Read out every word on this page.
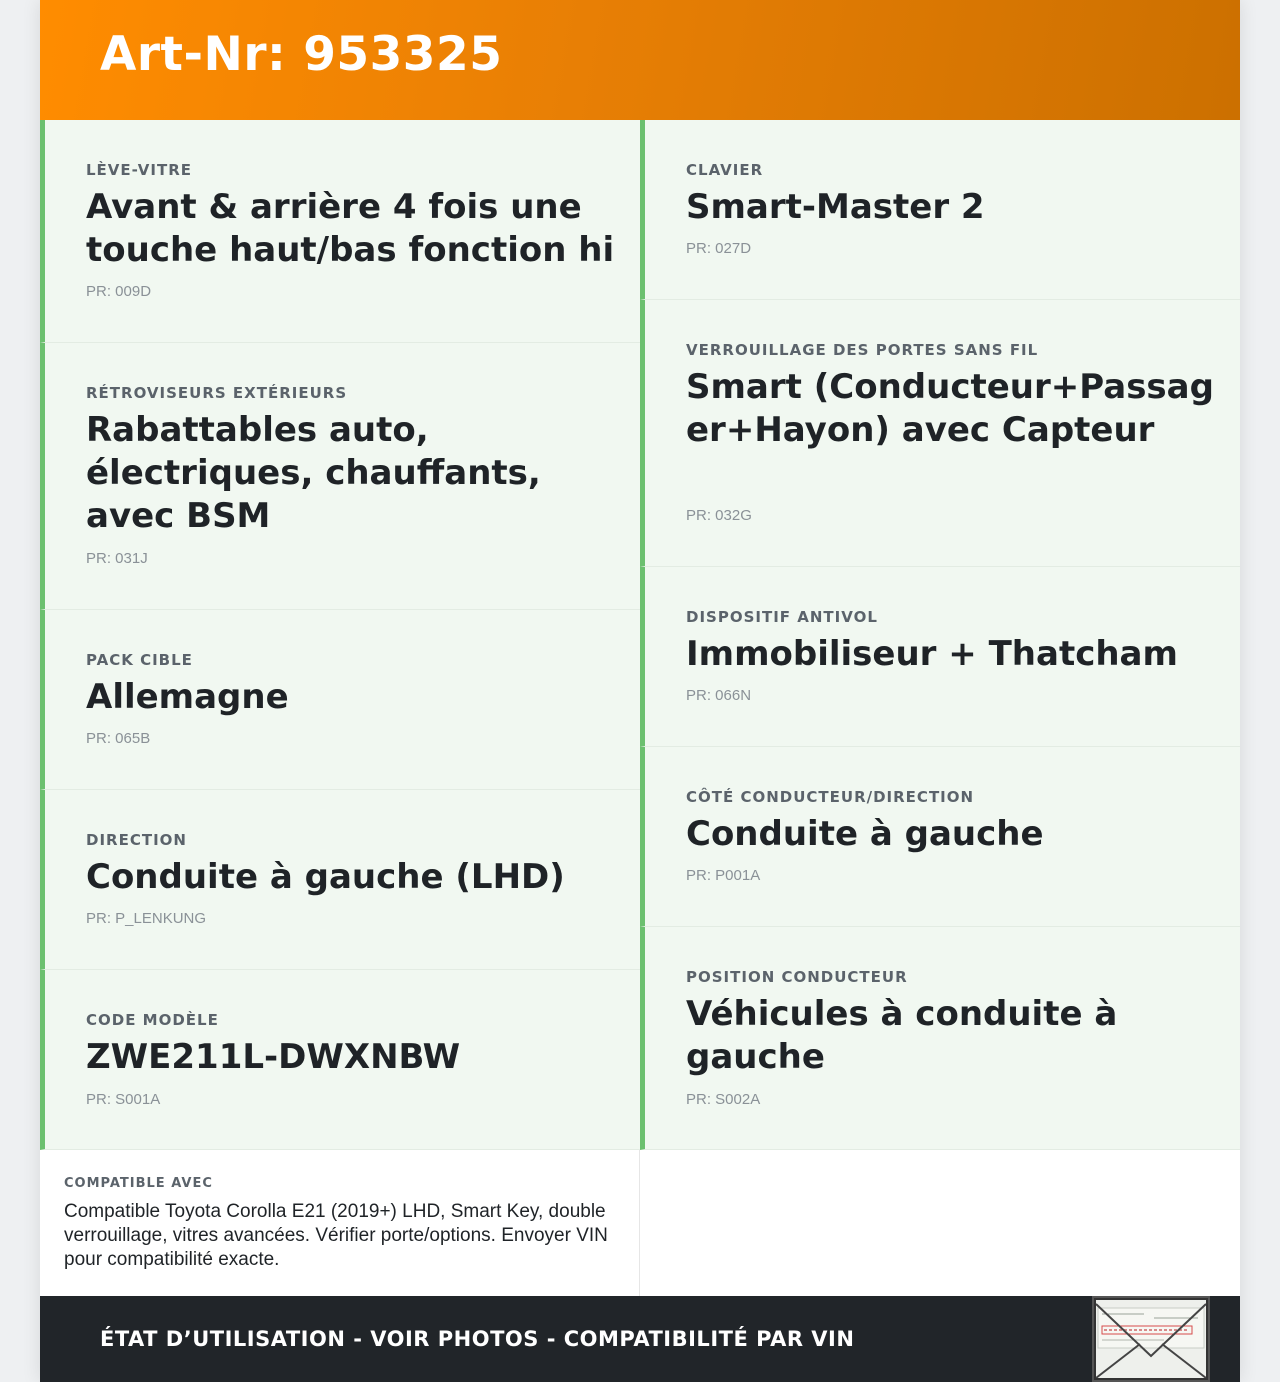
Art-Nr: 953325
LÈVE-VITRE
Avant & arrière 4 fois une touche haut/bas fonction hi
PR: 009D
RÉTROVISEURS EXTÉRIEURS
Rabattables auto, électriques, chauffants, avec BSM
PR: 031J
PACK CIBLE
Allemagne
PR: 065B
DIRECTION
Conduite à gauche (LHD)
PR: P_LENKUNG
CODE MODÈLE
ZWE211L-DWXNBW
PR: S001A
CLAVIER
Smart-Master 2
PR: 027D
VERROUILLAGE DES PORTES SANS FIL
Smart (Conducteur+Passager+Hayon) avec Capteur
PR: 032G
DISPOSITIF ANTIVOL
Immobiliseur + Thatcham
PR: 066N
CÔTÉ CONDUCTEUR/DIRECTION
Conduite à gauche
PR: P001A
POSITION CONDUCTEUR
Véhicules à conduite à gauche
PR: S002A
COMPATIBLE AVEC
Compatible Toyota Corolla E21 (2019+) LHD, Smart Key, double verrouillage, vitres avancées. Vérifier porte/options. Envoyer VIN pour compatibilité exacte.
ÉTAT D’UTILISATION - VOIR PHOTOS - COMPATIBILITÉ PAR VIN
